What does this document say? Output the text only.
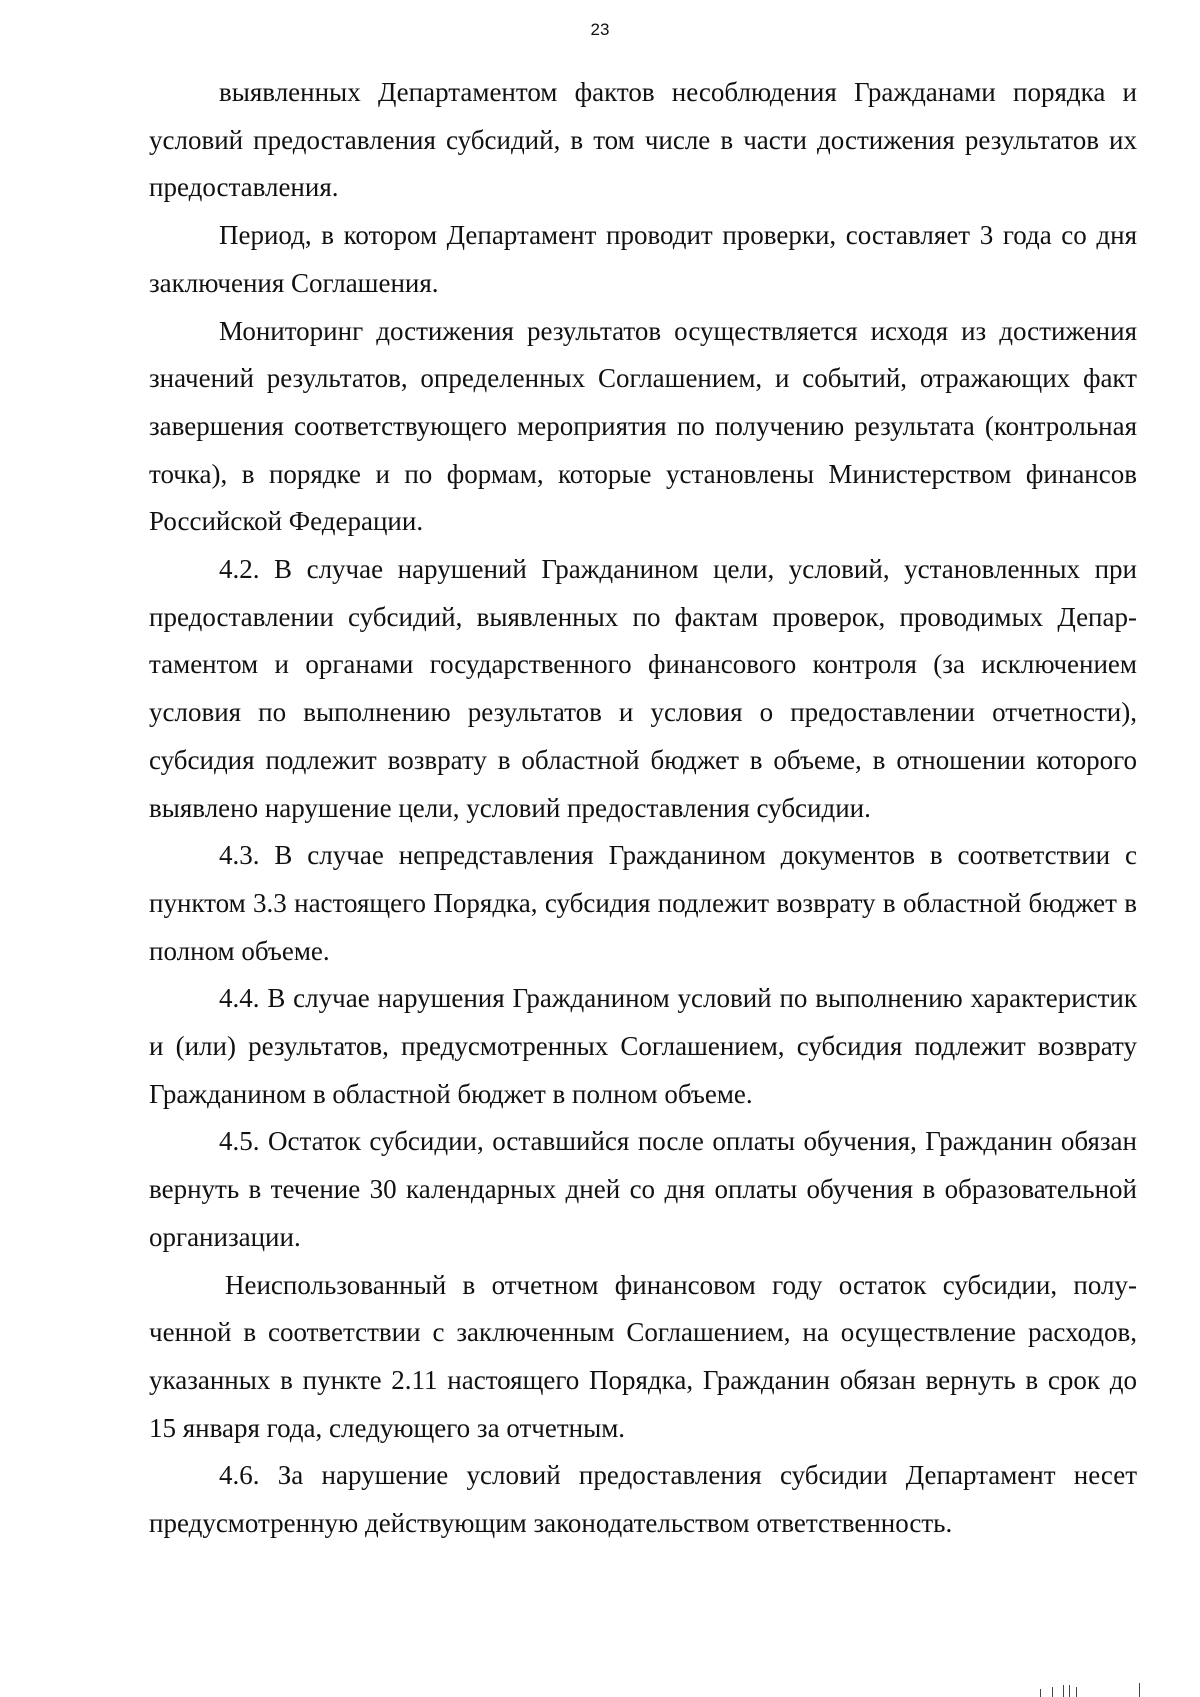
23

выявленных Департаментом фактов несоблюдения Гражданами порядка и условий предоставления субсидий, в том числе в части достижения результатов их предоставления.

Период, в котором Департамент проводит проверки, составляет 3 года со дня заключения Соглашения.

Мониторинг достижения результатов осуществляется исходя из достижения значений результатов, определенных Соглашением, и событий, отражающих факт завершения соответствующего мероприятия по получению результата (контрольная точка), в порядке и по формам, которые установлены Министерством финансов Российской Федерации.

4.2. В случае нарушений Гражданином цели, условий, установленных при предоставлении субсидий, выявленных по фактам проверок, проводимых Департаментом и органами государственного финансового контроля (за исключением условия по выполнению результатов и условия о предоставлении отчетности), субсидия подлежит возврату в областной бюджет в объеме, в отношении которого выявлено нарушение цели, условий предоставления субсидии.

4.3. В случае непредставления Гражданином документов в соответствии с пунктом 3.3 настоящего Порядка, субсидия подлежит возврату в областной бюджет в полном объеме.

4.4. В случае нарушения Гражданином условий по выполнению характеристик и (или) результатов, предусмотренных Соглашением, субсидия подлежит возврату Гражданином в областной бюджет в полном объеме.

4.5. Остаток субсидии, оставшийся после оплаты обучения, Гражданин обязан вернуть в течение 30 календарных дней со дня оплаты обучения в образовательной организации.

Неиспользованный в отчетном финансовом году остаток субсидии, полученной в соответствии с заключенным Соглашением, на осуществление расходов, указанных в пункте 2.11 настоящего Порядка, Гражданин обязан вернуть в срок до 15 января года, следующего за отчетным.

4.6. За нарушение условий предоставления субсидии Департамент несет предусмотренную действующим законодательством ответственность.
